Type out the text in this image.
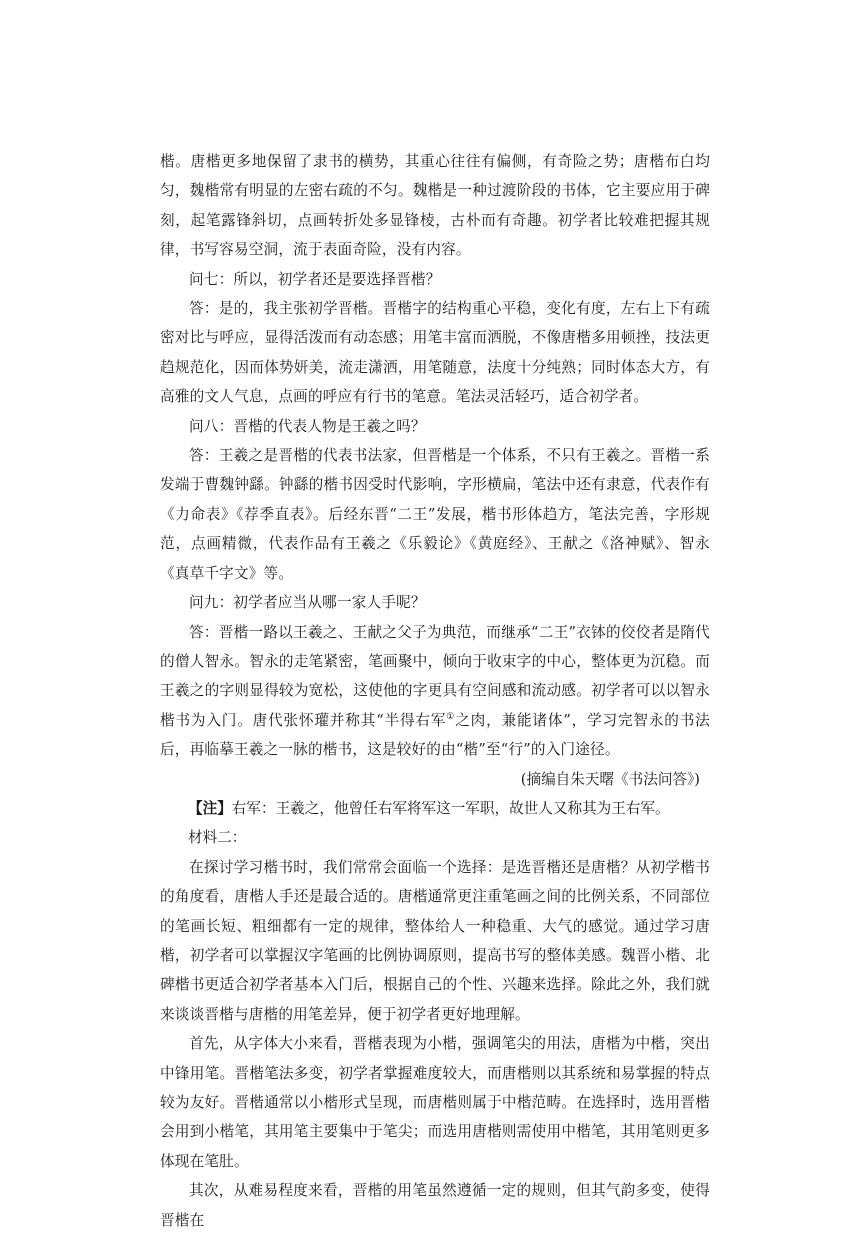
楷。唐楷更多地保留了隶书的横势，其重心往往有偏侧，有奇险之势；唐楷布白均匀，魏楷常有明显的左密右疏的不匀。魏楷是一种过渡阶段的书体，它主要应用于碑刻，起笔露锋斜切，点画转折处多显锋棱，古朴而有奇趣。初学者比较难把握其规律，书写容易空洞，流于表面奇险，没有内容。

问七：所以，初学者还是要选择晋楷？

答：是的，我主张初学晋楷。晋楷字的结构重心平稳，变化有度，左右上下有疏密对比与呼应，显得活泼而有动态感；用笔丰富而洒脱，不像唐楷多用顿挫，技法更趋规范化，因而体势妍美，流走潇洒，用笔随意，法度十分纯熟；同时体态大方，有高雅的文人气息，点画的呼应有行书的笔意。笔法灵活轻巧，适合初学者。

问八：晋楷的代表人物是王羲之吗？

答：王羲之是晋楷的代表书法家，但晋楷是一个体系，不只有王羲之。晋楷一系发端于曹魏钟繇。钟繇的楷书因受时代影响，字形横扁，笔法中还有隶意，代表作有《力命表》《荐季直表》。后经东晋“二王”发展，楷书形体趋方，笔法完善，字形规范，点画精微，代表作品有王羲之《乐毅论》《黄庭经》、王献之《洛神赋》、智永《真草千字文》等。

问九：初学者应当从哪一家人手呢？

答：晋楷一路以王羲之、王献之父子为典范，而继承“二王”衣钵的佼佼者是隋代的僧人智永。智永的走笔紧密，笔画聚中，倾向于收束字的中心，整体更为沉稳。而王羲之的字则显得较为宽松，这使他的字更具有空间感和流动感。初学者可以以智永楷书为入门。唐代张怀瓘并称其“半得右军①之肉，兼能诸体”，学习完智永的书法后，再临摹王羲之一脉的楷书，这是较好的由“楷”至“行”的入门途径。

(摘编自朱天曙《书法问答》)

【注】右军：王羲之，他曾任右军将军这一军职，故世人又称其为王右军。

材料二：

在探讨学习楷书时，我们常常会面临一个选择：是选晋楷还是唐楷？从初学楷书的角度看，唐楷人手还是最合适的。唐楷通常更注重笔画之间的比例关系，不同部位的笔画长短、粗细都有一定的规律，整体给人一种稳重、大气的感觉。通过学习唐楷，初学者可以掌握汉字笔画的比例协调原则，提高书写的整体美感。魏晋小楷、北碑楷书更适合初学者基本入门后，根据自己的个性、兴趣来选择。除此之外，我们就来谈谈晋楷与唐楷的用笔差异，便于初学者更好地理解。

首先，从字体大小来看，晋楷表现为小楷，强调笔尖的用法，唐楷为中楷，突出中锋用笔。晋楷笔法多变，初学者掌握难度较大，而唐楷则以其系统和易掌握的特点较为友好。晋楷通常以小楷形式呈现，而唐楷则属于中楷范畴。在选择时，选用晋楷会用到小楷笔，其用笔主要集中于笔尖；而选用唐楷则需使用中楷笔，其用笔则更多体现在笔肚。

其次，从难易程度来看，晋楷的用笔虽然遵循一定的规则，但其气韵多变，使得晋楷在
